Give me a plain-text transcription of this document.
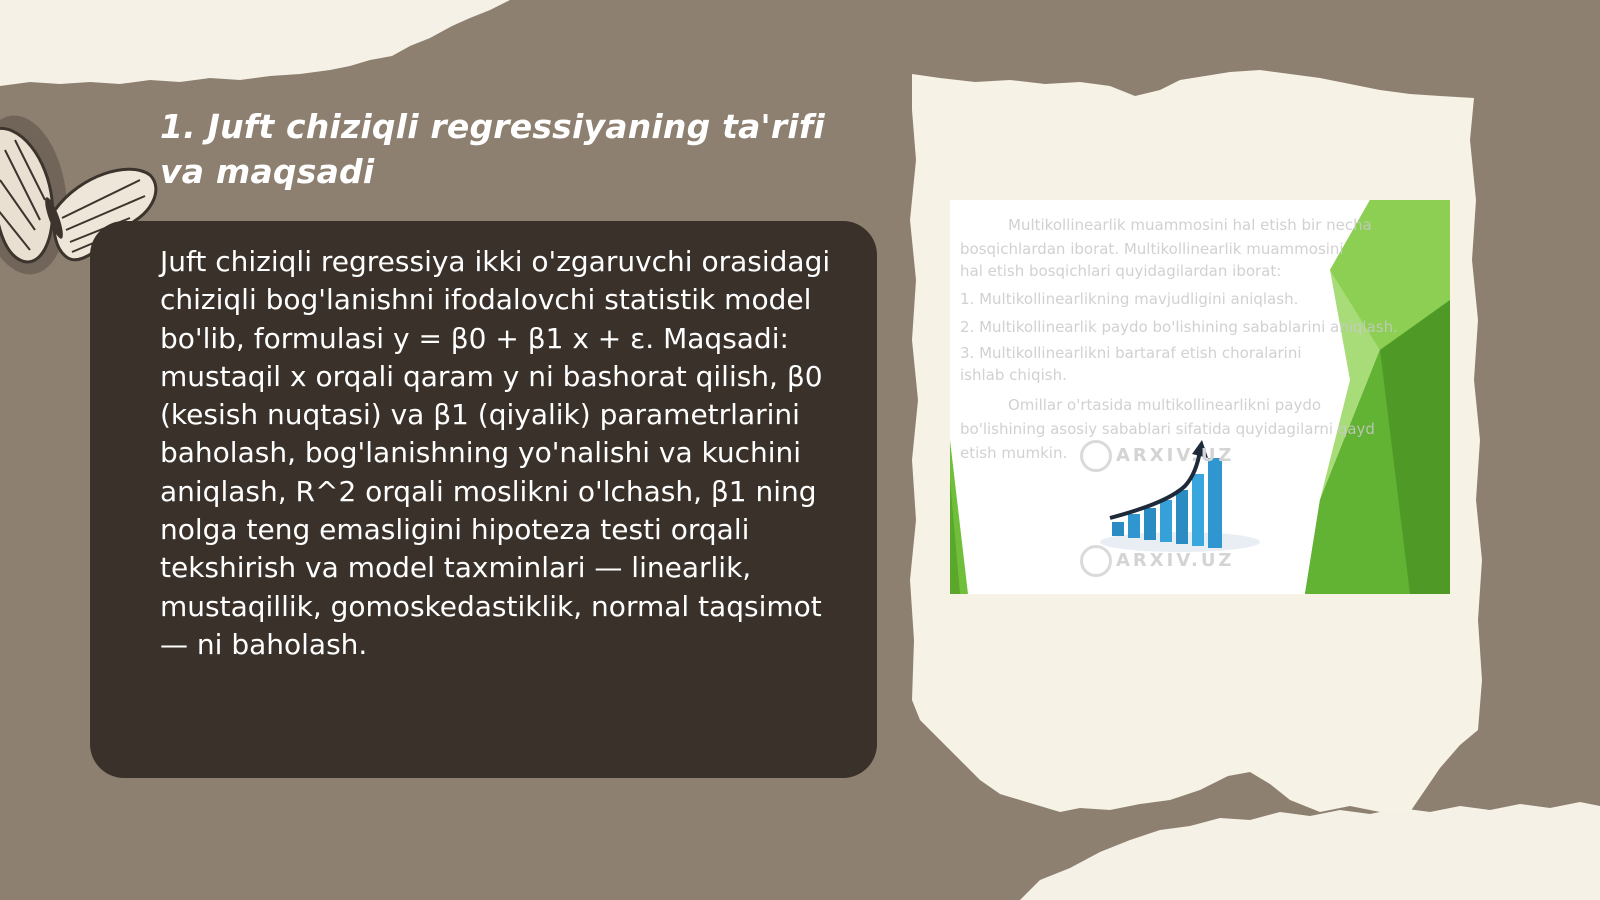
1. Juft chiziqli regressiyaning ta'rifi va maqsadi

Juft chiziqli regressiya ikki o'zgaruvchi orasidagi chiziqli bog'lanishni ifodalovchi statistik model bo'lib, formulasi y = β0 + β1 x + ε. Maqsadi: mustaqil x orqali qaram y ni bashorat qilish, β0 (kesish nuqtasi) va β1 (qiyalik) parametrlarini baholash, bog'lanishning yo'nalishi va kuchini aniqlash, R^2 orqali moslikni o'lchash, β1 ning nolga teng emasligini hipoteza testi orqali tekshirish va model taxminlari — linearlik, mustaqillik, gomoskedastiklik, normal taqsimot — ni baholash.

Multikollinearlik muammosini hal etish bir necha
bosqichlardan iborat. Multikollinearlik muammosini
hal etish bosqichlari quyidagilardan iborat:
1. Multikollinearlikning mavjudligini aniqlash.
2. Multikollinearlik paydo bo'lishining sabablarini aniqlash.
3. Multikollinearlikni bartaraf etish choralarini
ishlab chiqish.
Omillar o'rtasida multikollinearlikni paydo
bo'lishining asosiy sabablari sifatida quyidagilarni qayd
etish mumkin.	ARXIV.UZ
ARXIV.UZ
